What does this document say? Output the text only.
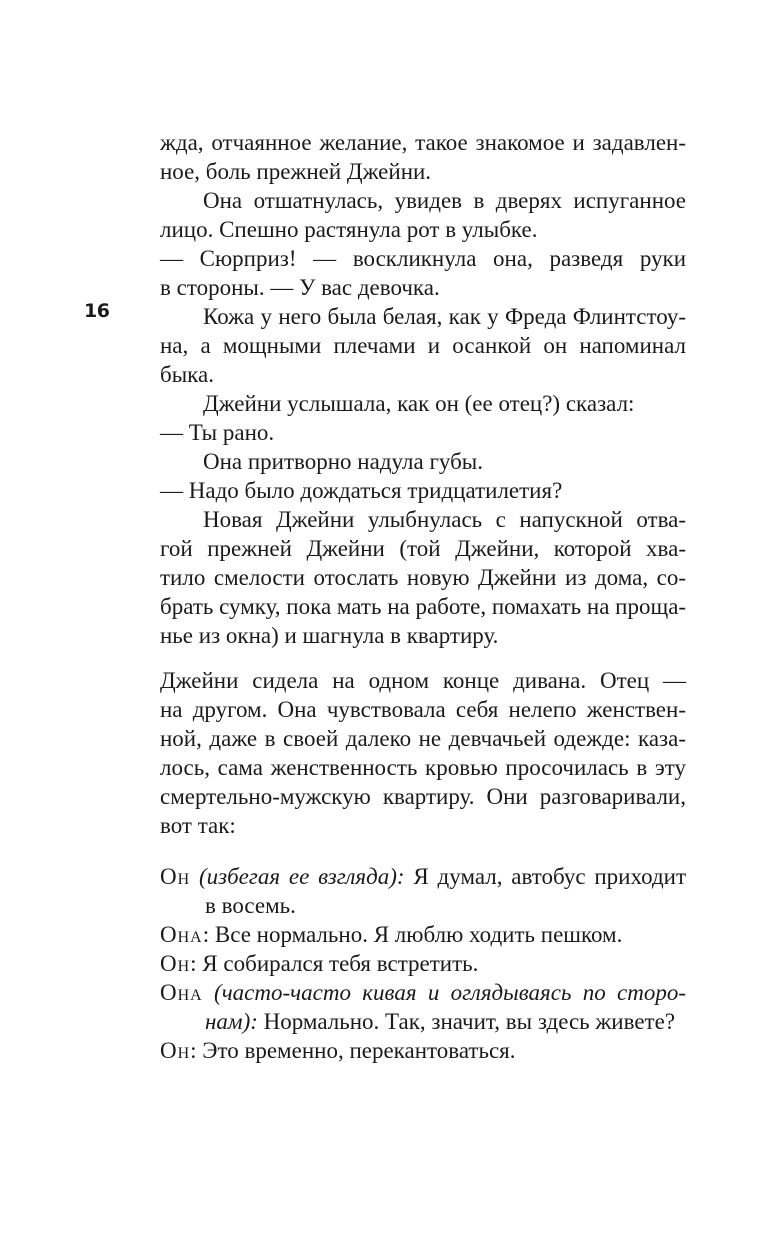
16
жда, отчаянное желание, такое знакомое и задавлен-
ное, боль прежней Джейни.
Она отшатнулась, увидев в дверях испуганное
лицо. Спешно растянула рот в улыбке.
— Сюрприз! — воскликнула она, разведя руки
в стороны. — У вас девочка.
Кожа у него была белая, как у Фреда Флинтстоу-
на, а мощными плечами и осанкой он напоминал
быка.
Джейни услышала, как он (ее отец?) сказал:
— Ты рано.
Она притворно надула губы.
— Надо было дождаться тридцатилетия?
Новая Джейни улыбнулась с напускной отва-
гой прежней Джейни (той Джейни, которой хва-
тило смелости отослать новую Джейни из дома, со-
брать сумку, пока мать на работе, помахать на проща-
нье из окна) и шагнула в квартиру.
Джейни сидела на одном конце дивана. Отец —
на другом. Она чувствовала себя нелепо женствен-
ной, даже в своей далеко не девчачьей одежде: каза-
лось, сама женственность кровью просочилась в эту
смертельно-мужскую квартиру. Они разговаривали,
вот так:
Он (избегая ее взгляда): Я думал, автобус приходит
в восемь.
Она: Все нормально. Я люблю ходить пешком.
Он: Я собирался тебя встретить.
Она (часто-часто кивая и оглядываясь по сторо-
нам): Нормально. Так, значит, вы здесь живете?
Он: Это временно, перекантоваться.
